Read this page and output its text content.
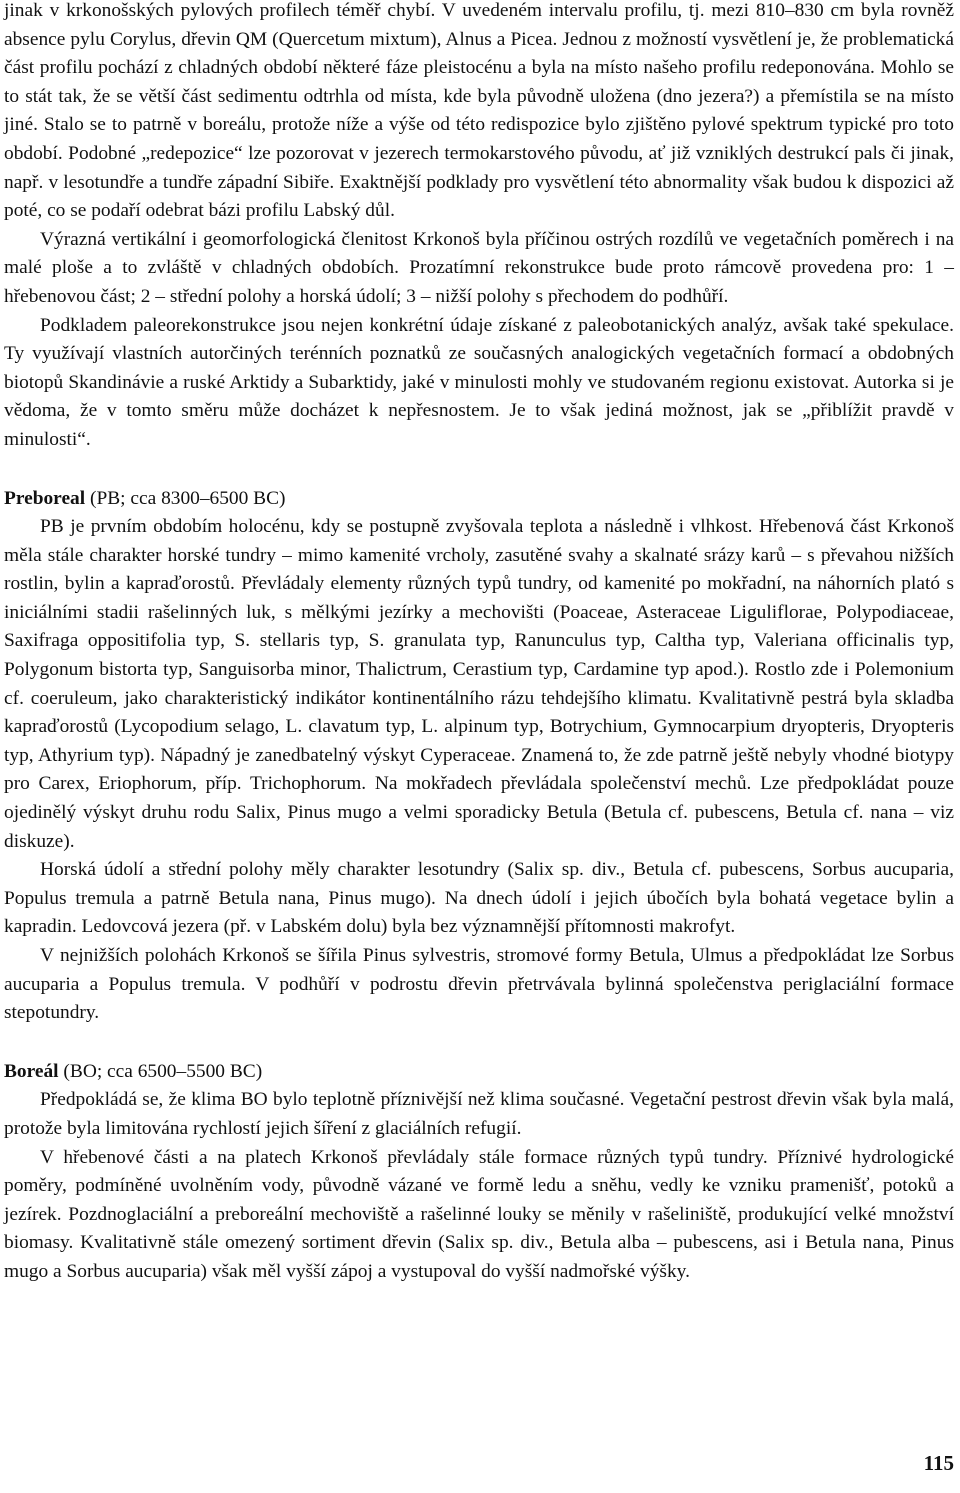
jinak v krkonošských pylových profilech téměř chybí. V uvedeném intervalu profilu, tj. mezi 810–830 cm byla rovněž absence pylu Corylus, dřevin QM (Quercetum mixtum), Alnus a Picea. Jednou z možností vysvětlení je, že problematická část profilu pochází z chladných období některé fáze pleistocénu a byla na místo našeho profilu redeponována. Mohlo se to stát tak, že se větší část sedimentu odtrhla od místa, kde byla původně uložena (dno jezera?) a přemístila se na místo jiné. Stalo se to patrně v boreálu, protože níže a výše od této redispozice bylo zjištěno pylové spektrum typické pro toto období. Podobné „redepozice“ lze pozorovat v jezerech termokarstového původu, ať již vzniklých destrukcí pals či jinak, např. v lesotundře a tundře západní Sibiře. Exaktnější podklady pro vysvětlení této abnormality však budou k dispozici až poté, co se podaří odebrat bázi profilu Labský důl.

Výrazná vertikální i geomorfologická členitost Krkonoš byla příčinou ostrých rozdílů ve vegetačních poměrech i na malé ploše a to zvláště v chladných obdobích. Prozatímní rekonstrukce bude proto rámcově provedena pro: 1 – hřebenovou část; 2 – střední polohy a horská údolí; 3 – nižší polohy s přechodem do podhůří.

Podkladem paleorekonstrukce jsou nejen konkrétní údaje získané z paleobotanických analýz, avšak také spekulace. Ty využívají vlastních autorčiných terénních poznatků ze současných analogických vegetačních formací a obdobných biotopů Skandinávie a ruské Arktidy a Subarktidy, jaké v minulosti mohly ve studovaném regionu existovat. Autorka si je vědoma, že v tomto směru může docházet k nepřesnostem. Je to však jediná možnost, jak se „přiblížit pravdě v minulosti“.

Preboreal (PB; cca 8300–6500 BC)

PB je prvním obdobím holocénu, kdy se postupně zvyšovala teplota a následně i vlhkost. Hřebenová část Krkonoš měla stále charakter horské tundry – mimo kamenité vrcholy, zasutěné svahy a skalnaté srázy karů – s převahou nižších rostlin, bylin a kapraďorostů. Převládaly elementy různých typů tundry, od kamenité po mokřadní, na náhorních plató s iniciálními stadii rašelinných luk, s mělkými jezírky a mechovišti (Poaceae, Asteraceae Liguliflorae, Polypodiaceae, Saxifraga oppositifolia typ, S. stellaris typ, S. granulata typ, Ranunculus typ, Caltha typ, Valeriana officinalis typ, Polygonum bistorta typ, Sanguisorba minor, Thalictrum, Cerastium typ, Cardamine typ apod.). Rostlo zde i Polemonium cf. coeruleum, jako charakteristický indikátor kontinentálního rázu tehdejšího klimatu. Kvalitativně pestrá byla skladba kapraďorostů (Lycopodium selago, L. clavatum typ, L. alpinum typ, Botrychium, Gymnocarpium dryopteris, Dryopteris typ, Athyrium typ). Nápadný je zanedbatelný výskyt Cyperaceae. Znamená to, že zde patrně ještě nebyly vhodné biotypy pro Carex, Eriophorum, příp. Trichophorum. Na mokřadech převládala společenství mechů. Lze předpokládat pouze ojedinělý výskyt druhu rodu Salix, Pinus mugo a velmi sporadicky Betula (Betula cf. pubescens, Betula cf. nana – viz diskuze).

Horská údolí a střední polohy měly charakter lesotundry (Salix sp. div., Betula cf. pubescens, Sorbus aucuparia, Populus tremula a patrně Betula nana, Pinus mugo). Na dnech údolí i jejich úbočích byla bohatá vegetace bylin a kapradin. Ledovcová jezera (př. v Labském dolu) byla bez významnější přítomnosti makrofyt.

V nejnižších polohách Krkonoš se šířila Pinus sylvestris, stromové formy Betula, Ulmus a předpokládat lze Sorbus aucuparia a Populus tremula. V podhůří v podrostu dřevin přetrvávala bylinná společenstva periglaciální formace stepotundry.

Boreál (BO; cca 6500–5500 BC)

Předpokládá se, že klima BO bylo teplotně příznivější než klima současné. Vegetační pestrost dřevin však byla malá, protože byla limitována rychlostí jejich šíření z glaciálních refugií.

V hřebenové části a na platech Krkonoš převládaly stále formace různých typů tundry. Příznivé hydrologické poměry, podmíněné uvolněním vody, původně vázané ve formě ledu a sněhu, vedly ke vzniku pramenišť, potoků a jezírek. Pozdnoglaciální a preboreální mechoviště a rašelinné louky se měnily v rašeliniště, produkující velké množství biomasy. Kvalitativně stále omezený sortiment dřevin (Salix sp. div., Betula alba – pubescens, asi i Betula nana, Pinus mugo a Sorbus aucuparia) však měl vyšší zápoj a vystupoval do vyšší nadmořské výšky.

115
